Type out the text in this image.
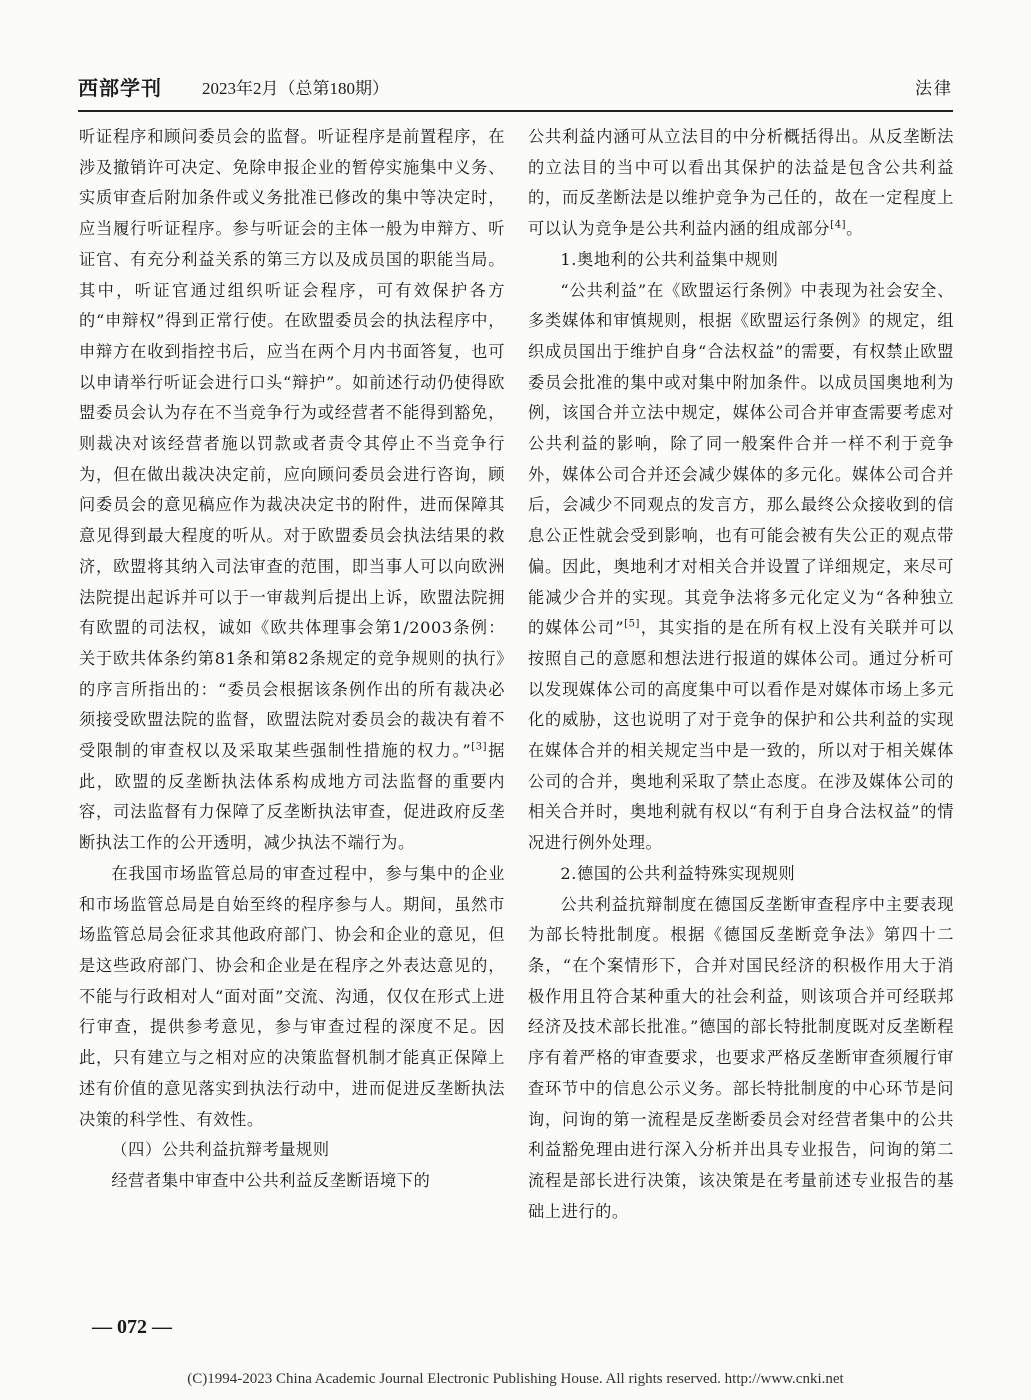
西部学刊 2023年2月（总第180期）	法律

听证程序和顾问委员会的监督。听证程序是前置程序，在涉及撤销许可决定、免除申报企业的暂停实施集中义务、实质审查后附加条件或义务批准已修改的集中等决定时，应当履行听证程序。参与听证会的主体一般为申辩方、听证官、有充分利益关系的第三方以及成员国的职能当局。其中，听证官通过组织听证会程序，可有效保护各方的“申辩权”得到正常行使。在欧盟委员会的执法程序中，申辩方在收到指控书后，应当在两个月内书面答复，也可以申请举行听证会进行口头“辩护”。如前述行动仍使得欧盟委员会认为存在不当竞争行为或经营者不能得到豁免，则裁决对该经营者施以罚款或者责令其停止不当竞争行为，但在做出裁决决定前，应向顾问委员会进行咨询，顾问委员会的意见稿应作为裁决决定书的附件，进而保障其意见得到最大程度的听从。对于欧盟委员会执法结果的救济，欧盟将其纳入司法审查的范围，即当事人可以向欧洲法院提出起诉并可以于一审裁判后提出上诉，欧盟法院拥有欧盟的司法权，诚如《欧共体理事会第1/2003条例：关于欧共体条约第81条和第82条规定的竞争规则的执行》的序言所指出的：“委员会根据该条例作出的所有裁决必须接受欧盟法院的监督，欧盟法院对委员会的裁决有着不受限制的审查权以及采取某些强制性措施的权力。”[3]据此，欧盟的反垄断执法体系构成地方司法监督的重要内容，司法监督有力保障了反垄断执法审查，促进政府反垄断执法工作的公开透明，减少执法不端行为。

在我国市场监管总局的审查过程中，参与集中的企业和市场监管总局是自始至终的程序参与人。期间，虽然市场监管总局会征求其他政府部门、协会和企业的意见，但是这些政府部门、协会和企业是在程序之外表达意见的，不能与行政相对人“面对面”交流、沟通，仅仅在形式上进行审查，提供参考意见，参与审查过程的深度不足。因此，只有建立与之相对应的决策监督机制才能真正保障上述有价值的意见落实到执法行动中，进而促进反垄断执法决策的科学性、有效性。

（四）公共利益抗辩考量规则

经营者集中审查中公共利益反垄断语境下的

公共利益内涵可从立法目的中分析概括得出。从反垄断法的立法目的当中可以看出其保护的法益是包含公共利益的，而反垄断法是以维护竞争为己任的，故在一定程度上可以认为竞争是公共利益内涵的组成部分[4]。

1.奥地利的公共利益集中规则

“公共利益”在《欧盟运行条例》中表现为社会安全、多类媒体和审慎规则，根据《欧盟运行条例》的规定，组织成员国出于维护自身“合法权益”的需要，有权禁止欧盟委员会批准的集中或对集中附加条件。以成员国奥地利为例，该国合并立法中规定，媒体公司合并审查需要考虑对公共利益的影响，除了同一般案件合并一样不利于竞争外，媒体公司合并还会减少媒体的多元化。媒体公司合并后，会减少不同观点的发言方，那么最终公众接收到的信息公正性就会受到影响，也有可能会被有失公正的观点带偏。因此，奥地利才对相关合并设置了详细规定，来尽可能减少合并的实现。其竞争法将多元化定义为“各种独立的媒体公司”[5]，其实指的是在所有权上没有关联并可以按照自己的意愿和想法进行报道的媒体公司。通过分析可以发现媒体公司的高度集中可以看作是对媒体市场上多元化的威胁，这也说明了对于竞争的保护和公共利益的实现在媒体合并的相关规定当中是一致的，所以对于相关媒体公司的合并，奥地利采取了禁止态度。在涉及媒体公司的相关合并时，奥地利就有权以“有利于自身合法权益”的情况进行例外处理。

2.德国的公共利益特殊实现规则

公共利益抗辩制度在德国反垄断审查程序中主要表现为部长特批制度。根据《德国反垄断竞争法》第四十二条，“在个案情形下，合并对国民经济的积极作用大于消极作用且符合某种重大的社会利益，则该项合并可经联邦经济及技术部长批准。”德国的部长特批制度既对反垄断程序有着严格的审查要求，也要求严格反垄断审查须履行审查环节中的信息公示义务。部长特批制度的中心环节是问询，问询的第一流程是反垄断委员会对经营者集中的公共利益豁免理由进行深入分析并出具专业报告，问询的第二流程是部长进行决策，该决策是在考量前述专业报告的基础上进行的。

— 072 —
(C)1994-2023 China Academic Journal Electronic Publishing House. All rights reserved. http://www.cnki.net
